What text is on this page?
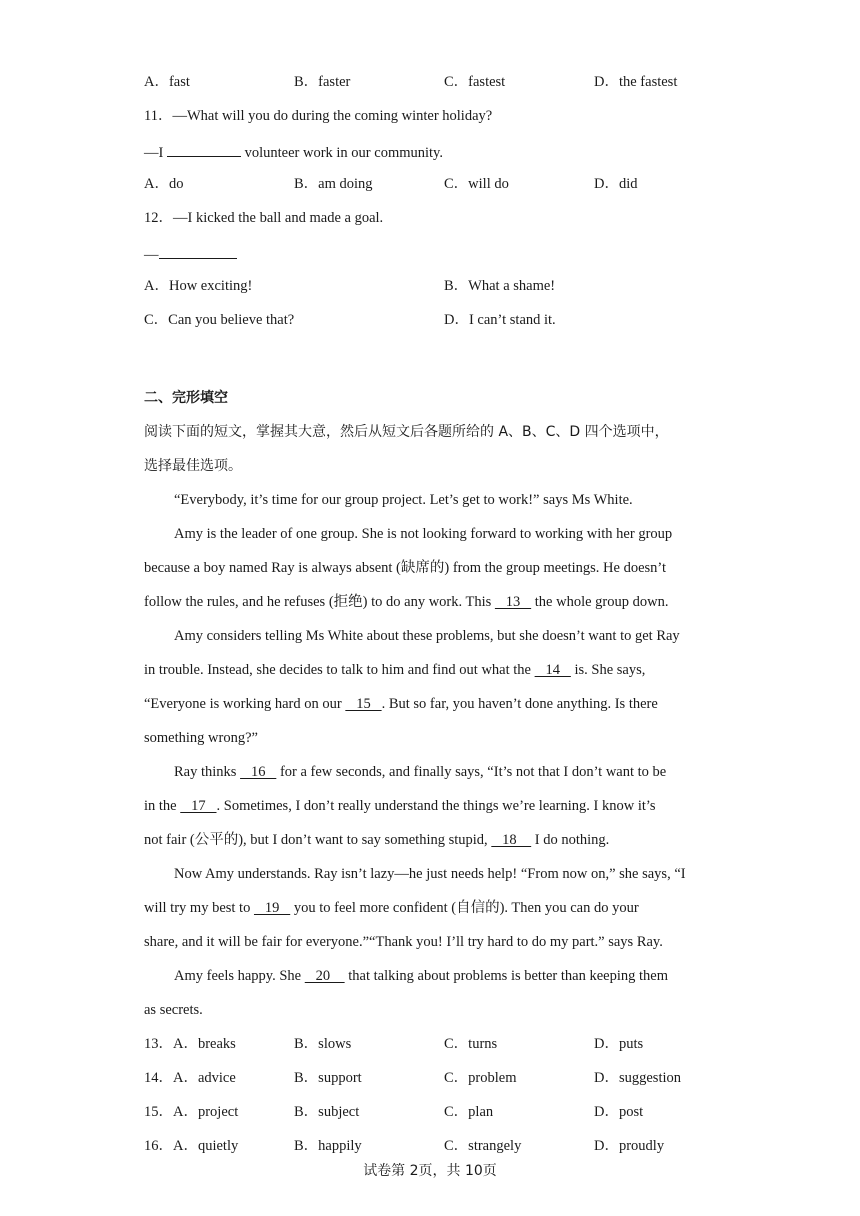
A．fast	B．faster	C．fastest	D．the fastest
11．—What will you do during the coming winter holiday?
—I	volunteer work in our community.
A．do	B．am doing	C．will do	D．did
12．—I kicked the ball and made a goal.
—
A．How exciting!	B．What a shame!
C．Can you believe that?	D．I can’t stand it.
二、完形填空
阅读下面的短文，掌握其大意，然后从短文后各题所给的 A、B、C、D 四个选项中，
选择最佳选项。
“Everybody, it’s time for our group project. Let’s get to work!” says Ms White.
Amy is the leader of one group. She is not looking forward to working with her group
because a boy named Ray is always absent (缺席的) from the group meetings. He doesn’t
follow the rules, and he refuses (拒绝) to do any work. This    13    the whole group down.
Amy considers telling Ms White about these problems, but she doesn’t want to get Ray
in trouble. Instead, she decides to talk to him and find out what the    14    is. She says,
“Everyone is working hard on our    15   . But so far, you haven’t done anything. Is there
something wrong?”
Ray thinks    16    for a few seconds, and finally says, “It’s not that I don’t want to be
in the    17   . Sometimes, I don’t really understand the things we’re learning. I know it’s
not fair (公平的), but I don’t want to say something stupid,    18     I do nothing.
Now Amy understands. Ray isn’t lazy—he just needs help! “From now on,” she says, “I
will try my best to    19    you to feel more confident (自信的). Then you can do your
share, and it will be fair for everyone.”“Thank you! I’ll try hard to do my part.” says Ray.
Amy feels happy. She    20     that talking about problems is better than keeping them
as secrets.
13．A．breaks	B．slows	C．turns	D．puts
14．A．advice	B．support	C．problem	D．suggestion
15．A．project	B．subject	C．plan	D．post
16．A．quietly	B．happily	C．strangely	D．proudly
试卷第 2页，共 10页
